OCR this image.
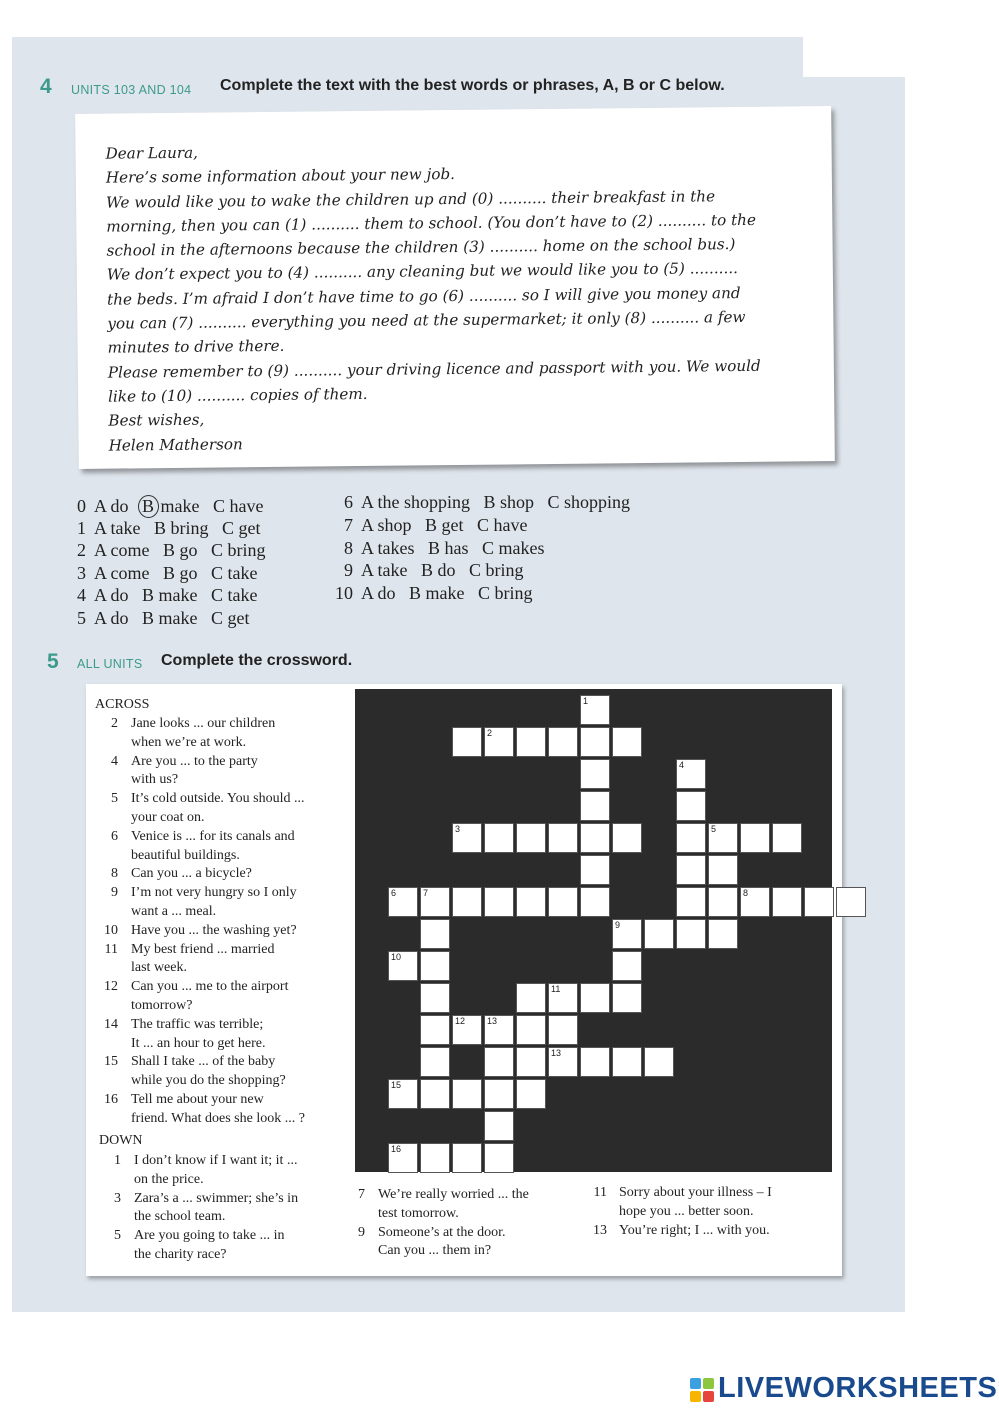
4 UNITS 103 AND 104 Complete the text with the best words or phrases, A, B or C below.
Dear Laura,
Here’s some information about your new job.
We would like you to wake the children up and (0) .......... their breakfast in the
morning, then you can (1) .......... them to school. (You don’t have to (2) .......... to the
school in the afternoons because the children (3) .......... home on the school bus.)
We don’t expect you to (4) .......... any cleaning but we would like you to (5) ..........
the beds. I’m afraid I don’t have time to go (6) .......... so I will give you money and
you can (7) .......... everything you need at the supermarket; it only (8) .......... a few
minutes to drive there.
Please remember to (9) .......... your driving licence and passport with you. We would
like to (10) .......... copies of them.
Best wishes,
Helen Matherson
0 A do B make C have
1 A take B bring C get
2 A come B go C bring
3 A come B go C take
4 A do B make C take
5 A do B make C get
6 A the shopping B shop C shopping
7 A shop B get C have
8 A takes B has C makes
9 A take B do C bring
10 A do B make C bring
5 ALL UNITS Complete the crossword.
ACROSS
2 Jane looks ... our children
when we’re at work.
4 Are you ... to the party
with us?
5 It’s cold outside. You should ...
your coat on.
6 Venice is ... for its canals and
beautiful buildings.
8 Can you ... a bicycle?
9 I’m not very hungry so I only
want a ... meal.
10 Have you ... the washing yet?
11 My best friend ... married
last week.
12 Can you ... me to the airport
tomorrow?
14 The traffic was terrible;
It ... an hour to get here.
15 Shall I take ... of the baby
while you do the shopping?
16 Tell me about your new
friend. What does she look ... ?
DOWN
1 I don’t know if I want it; it ...
on the price.
3 Zara’s a ... swimmer; she’s in
the school team.
5 Are you going to take ... in
the charity race?
7 We’re really worried ... the
test tomorrow.
9 Someone’s at the door.
Can you ... them in?
11 Sorry about your illness – I
hope you ... better soon.
13 You’re right; I ... with you.
1
2
4
3	5
6	7	8
9
10
11
12 13
13
15
16
LIVEWORKSHEETS
